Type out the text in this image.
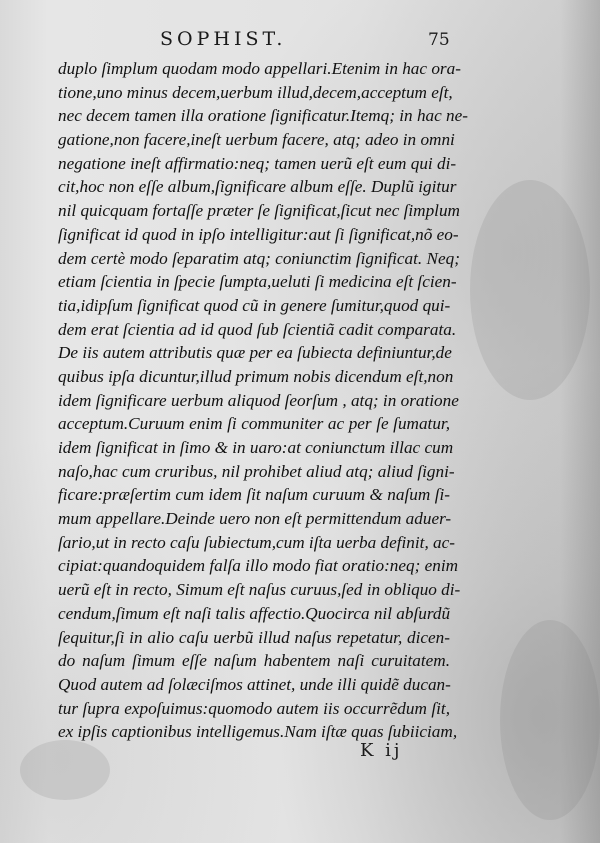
SOPHIST.	75
duplo ſimplum quodam modo appellari.Etenim in hac ora-
tione,uno minus decem,uerbum illud,decem,acceptum eſt,
nec decem tamen illa oratione ſignificatur.Itemq; in hac ne-
gatione,non facere,ineſt uerbum facere, atq; adeo in omni
negatione ineſt affirmatio:neq; tamen uerũ eſt eum qui di-
cit,hoc non eſſe album,ſignificare album eſſe. Duplũ igitur
nil quicquam fortaſſe præter ſe ſignificat,ſicut nec ſimplum
ſignificat id quod in ipſo intelligitur:aut ſi ſignificat,nõ eo-
dem certè modo ſeparatim atq; coniunctim ſignificat. Neq;
etiam ſcientia in ſpecie ſumpta,ueluti ſi medicina eſt ſcien-
tia,idipſum ſignificat quod cũ in genere ſumitur,quod qui-
dem erat ſcientia ad id quod ſub ſcientiã cadit comparata.
De iis autem attributis quæ per ea ſubiecta definiuntur,de
quibus ipſa dicuntur,illud primum nobis dicendum eſt,non
idem ſignificare uerbum aliquod ſeorſum , atq; in oratione
acceptum.Curuum enim ſi communiter ac per ſe ſumatur,
idem ſignificat in ſimo & in uaro:at coniunctum illac cum
naſo,hac cum cruribus, nil prohibet aliud atq; aliud ſigni-
ficare:præſertim cum idem ſit naſum curuum & naſum ſi-
mum appellare.Deinde uero non eſt permittendum aduer-
ſario,ut in recto caſu ſubiectum,cum iſta uerba definit, ac-
cipiat:quandoquidem falſa illo modo fiat oratio:neq; enim
uerũ eſt in recto, Simum eſt naſus curuus,ſed in obliquo di-
cendum,ſimum eſt naſi talis affectio.Quocirca nil abſurdũ
ſequitur,ſi in alio caſu uerbũ illud naſus repetatur, dicen-
do naſum ſimum eſſe naſum habentem naſi curuitatem.
Quod autem ad ſolæciſmos attinet, unde illi quidẽ ducan-
tur ſupra expoſuimus:quomodo autem iis occurrẽdum ſit,
ex ipſis captionibus intelligemus.Nam iſtæ quas ſubiiciam,
K ij
